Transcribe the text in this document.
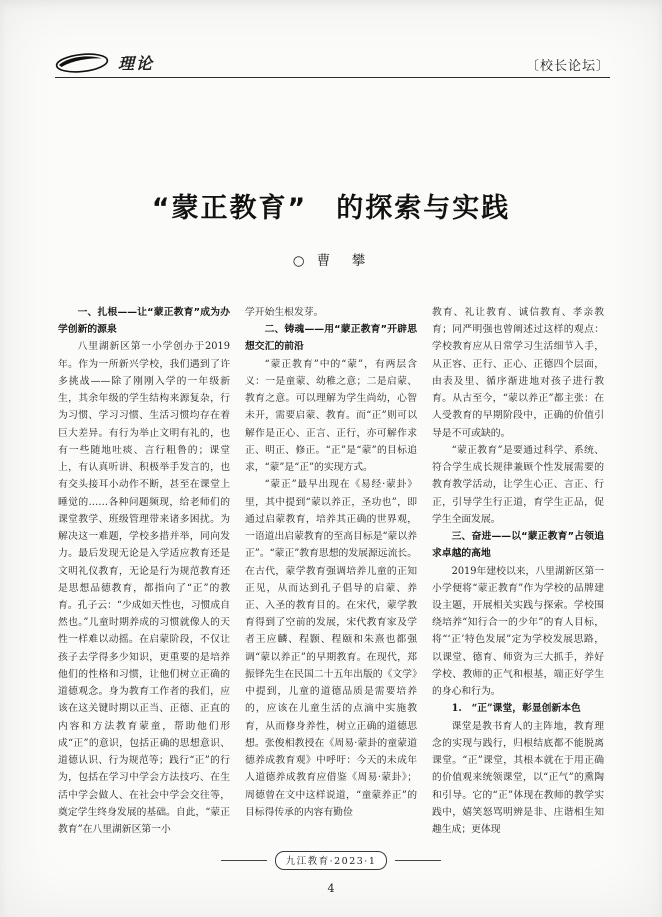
理论	〔校长论坛〕
“蒙正教育”　的探索与实践
○ 曹　攀

一、扎根——让“蒙正教育”成为办学创新的源泉

八里湖新区第一小学创办于2019年。作为一所新兴学校，我们遇到了许多挑战——除了刚刚入学的一年级新生，其余年级的学生结构来源复杂，行为习惯、学习习惯、生活习惯均存在着巨大差异。有行为举止文明有礼的，也有一些随地吐痰、言行粗鲁的；课堂上，有认真听讲、积极举手发言的，也有交头接耳小动作不断，甚至在课堂上睡觉的……各种问题频现，给老师们的课堂教学、班级管理带来诸多困扰。为解决这一难题，学校多措并举，同向发力。最后发现无论是入学适应教育还是文明礼仪教育，无论是行为规范教育还是思想品德教育，都指向了“正”的教育。孔子云：“少成如天性也，习惯成自然也。”儿童时期养成的习惯就像人的天性一样难以动摇。在启蒙阶段，不仅让孩子去学得多少知识，更重要的是培养他们的性格和习惯，让他们树立正确的道德观念。身为教育工作者的我们，应该在这关键时期以正当、正德、正直的内容和方法教育蒙童，帮助他们形成“正”的意识，包括正确的思想意识、道德认识、行为规范等；践行“正”的行为，包括在学习中学会方法技巧、在生活中学会做人、在社会中学会交往等，奠定学生终身发展的基础。自此，“蒙正教育”在八里湖新区第一小

学开始生根发芽。

二、铸魂——用“蒙正教育”开辟思想交汇的前沿

“蒙正教育”中的“蒙”，有两层含义：一是童蒙、幼稚之意；二是启蒙、教育之意。可以理解为学生尚幼，心智未开，需要启蒙、教育。而“正”则可以解作是正心、正言、正行，亦可解作求正、明正、修正。“正”是“蒙”的目标追求，“蒙”是“正”的实现方式。

“蒙正”最早出现在《易经·蒙卦》里，其中提到“蒙以养正，圣功也”，即通过启蒙教育，培养其正确的世界观，一语道出启蒙教育的至高目标是“蒙以养正”。“蒙正”教育思想的发展源远流长。在古代，蒙学教育强调培养儿童的正知正见，从而达到孔子倡导的启蒙、养正、入圣的教育目的。在宋代，蒙学教育得到了空前的发展，宋代教育家及学者王应麟、程颢、程颐和朱熹也都强调“蒙以养正”的早期教育。在现代，郑振铎先生在民国二十五年出版的《文学》中提到，儿童的道德品质是需要培养的，应该在儿童生活的点滴中实施教育，从而修身养性，树立正确的道德思想。张俊相教授在《周易·蒙卦的童蒙道德养成教育观》中呼吁：今天的未成年人道德养成教育应借鉴《周易·蒙卦》；周德曾在文中这样说道，“童蒙养正”的目标得传承的内容有勤俭

教育、礼让教育、诚信教育、孝亲教育；同严明强也曾阐述过这样的观点：学校教育应从日常学习生活细节入手，从正容、正行、正心、正德四个层面，由表及里、循序渐进地对孩子进行教育。从古至今，“蒙以养正”都主张：在人受教育的早期阶段中，正确的价值引导是不可或缺的。

“蒙正教育”是要通过科学、系统、符合学生成长规律兼顾个性发展需要的教育教学活动，让学生心正、言正、行正，引导学生行正道，育学生正品，促学生全面发展。

三、奋进——以“蒙正教育”占领追求卓越的高地

2019年建校以来，八里湖新区第一小学便将“蒙正教育”作为学校的品牌建设主题，开展相关实践与探索。学校围绕培养“知行合一的少年”的育人目标，将“‘正’特色发展”定为学校发展思路，以课堂、德育、师资为三大抓手，养好学校、教师的正气和根基，端正好学生的身心和行为。

1.　“正”课堂，彰显创新本色

课堂是教书育人的主阵地，教育理念的实现与践行，归根结底都不能脱离课堂。“正”课堂，其根本就在于用正确的价值观来统领课堂，以“正气”的熏陶和引导。它的“正”体现在教师的教学实践中，嬉笑怒骂明辨是非、庄谐相生知趣生成；更体现

九江教育·2023·1
4
